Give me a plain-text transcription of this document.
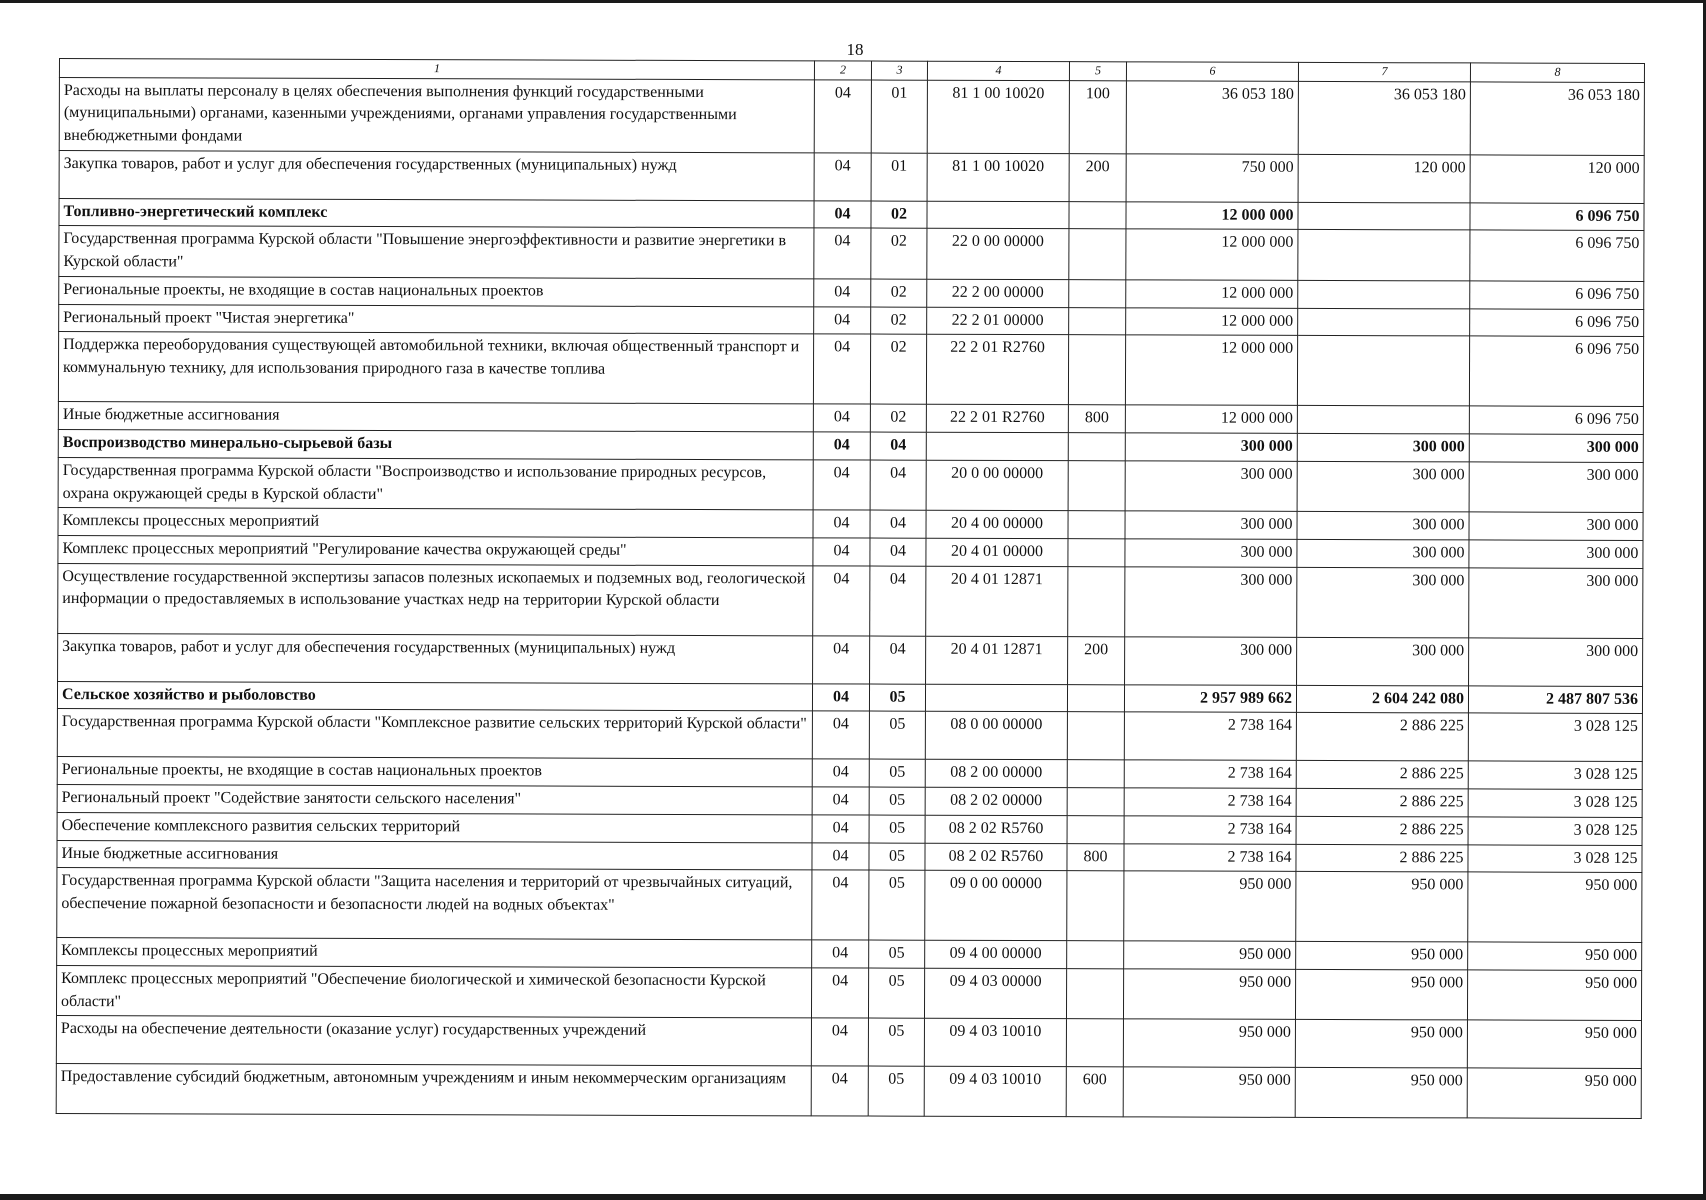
18
1	2	3	4	5	6	7	8
Расходы на выплаты персоналу в целях обеспечения выполнения функций государственными (муниципальными) органами, казенными учреждениями, органами управления государственными внебюджетными фондами	04	01	81 1 00 10020	100	36 053 180	36 053 180	36 053 180
Закупка товаров, работ и услуг для обеспечения государственных (муниципальных) нужд	04	01	81 1 00 10020	200	750 000	120 000	120 000
Топливно-энергетический комплекс	04	02			12 000 000		6 096 750
Государственная программа Курской области "Повышение энергоэффективности и развитие энергетики в Курской области"	04	02	22 0 00 00000		12 000 000		6 096 750
Региональные проекты, не входящие в состав национальных проектов	04	02	22 2 00 00000		12 000 000		6 096 750
Региональный проект "Чистая энергетика"	04	02	22 2 01 00000		12 000 000		6 096 750
Поддержка переоборудования существующей автомобильной техники, включая общественный транспорт и коммунальную технику, для использования природного газа в качестве топлива	04	02	22 2 01 R2760		12 000 000		6 096 750
Иные бюджетные ассигнования	04	02	22 2 01 R2760	800	12 000 000		6 096 750
Воспроизводство минерально-сырьевой базы	04	04			300 000	300 000	300 000
Государственная программа Курской области "Воспроизводство и использование природных ресурсов, охрана окружающей среды в Курской области"	04	04	20 0 00 00000		300 000	300 000	300 000
Комплексы процессных мероприятий	04	04	20 4 00 00000		300 000	300 000	300 000
Комплекс процессных мероприятий "Регулирование качества окружающей среды"	04	04	20 4 01 00000		300 000	300 000	300 000
Осуществление государственной экспертизы запасов полезных ископаемых и подземных вод, геологической информации о предоставляемых в использование участках недр на территории Курской области	04	04	20 4 01 12871		300 000	300 000	300 000
Закупка товаров, работ и услуг для обеспечения государственных (муниципальных) нужд	04	04	20 4 01 12871	200	300 000	300 000	300 000
Сельское хозяйство и рыболовство	04	05			2 957 989 662	2 604 242 080	2 487 807 536
Государственная программа Курской области "Комплексное развитие сельских территорий Курской области"	04	05	08 0 00 00000		2 738 164	2 886 225	3 028 125
Региональные проекты, не входящие в состав национальных проектов	04	05	08 2 00 00000		2 738 164	2 886 225	3 028 125
Региональный проект "Содействие занятости сельского населения"	04	05	08 2 02 00000		2 738 164	2 886 225	3 028 125
Обеспечение комплексного развития сельских территорий	04	05	08 2 02 R5760		2 738 164	2 886 225	3 028 125
Иные бюджетные ассигнования	04	05	08 2 02 R5760	800	2 738 164	2 886 225	3 028 125
Государственная программа Курской области "Защита населения и территорий от чрезвычайных ситуаций, обеспечение пожарной безопасности и безопасности людей на водных объектах"	04	05	09 0 00 00000		950 000	950 000	950 000
Комплексы процессных мероприятий	04	05	09 4 00 00000		950 000	950 000	950 000
Комплекс процессных мероприятий "Обеспечение биологической и химической безопасности Курской области"	04	05	09 4 03 00000		950 000	950 000	950 000
Расходы на обеспечение деятельности (оказание услуг) государственных учреждений	04	05	09 4 03 10010		950 000	950 000	950 000
Предоставление субсидий бюджетным, автономным учреждениям и иным некоммерческим организациям	04	05	09 4 03 10010	600	950 000	950 000	950 000
